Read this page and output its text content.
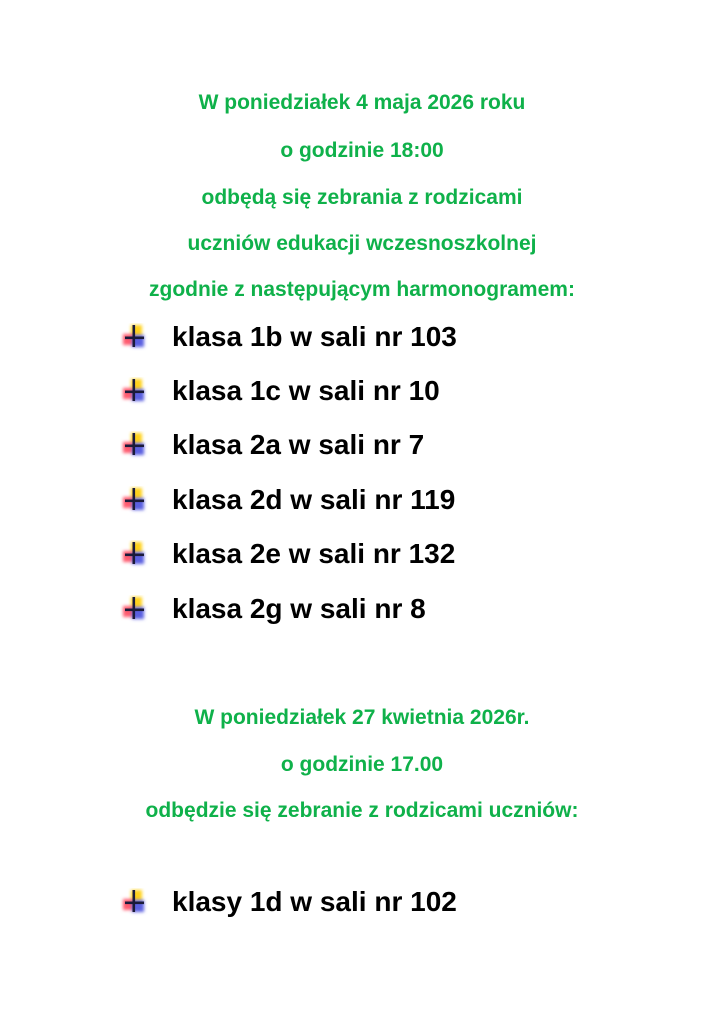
W poniedziałek 4 maja 2026 roku
o godzinie 18:00
odbędą się zebrania z rodzicami
uczniów edukacji wczesnoszkolnej
zgodnie z następującym harmonogramem:
klasa 1b w sali nr 103
klasa 1c w sali nr 10
klasa 2a w sali nr 7
klasa 2d w sali nr 119
klasa 2e w sali nr 132
klasa 2g w sali nr 8
W poniedziałek 27 kwietnia 2026r.
o godzinie 17.00
odbędzie się zebranie z rodzicami uczniów:
klasy 1d w sali nr 102
